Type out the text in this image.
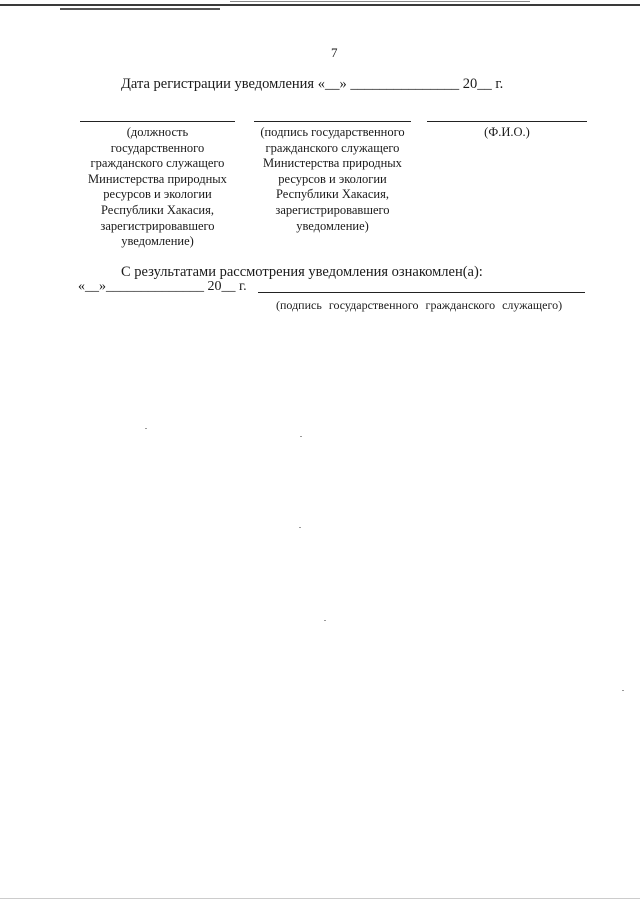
7
Дата регистрации уведомления «__» _______________ 20__ г.
(должность
государственного
гражданского служащего
Министерства природных
ресурсов и экологии
Республики Хакасия,
зарегистрировавшего
уведомление)
(подпись государственного
гражданского служащего
Министерства природных
ресурсов и экологии
Республики Хакасия,
зарегистрировавшего
уведомление)
(Ф.И.О.)
С результатами рассмотрения уведомления ознакомлен(а):
«__»______________ 20__ г.
(подпись государственного гражданского служащего)
